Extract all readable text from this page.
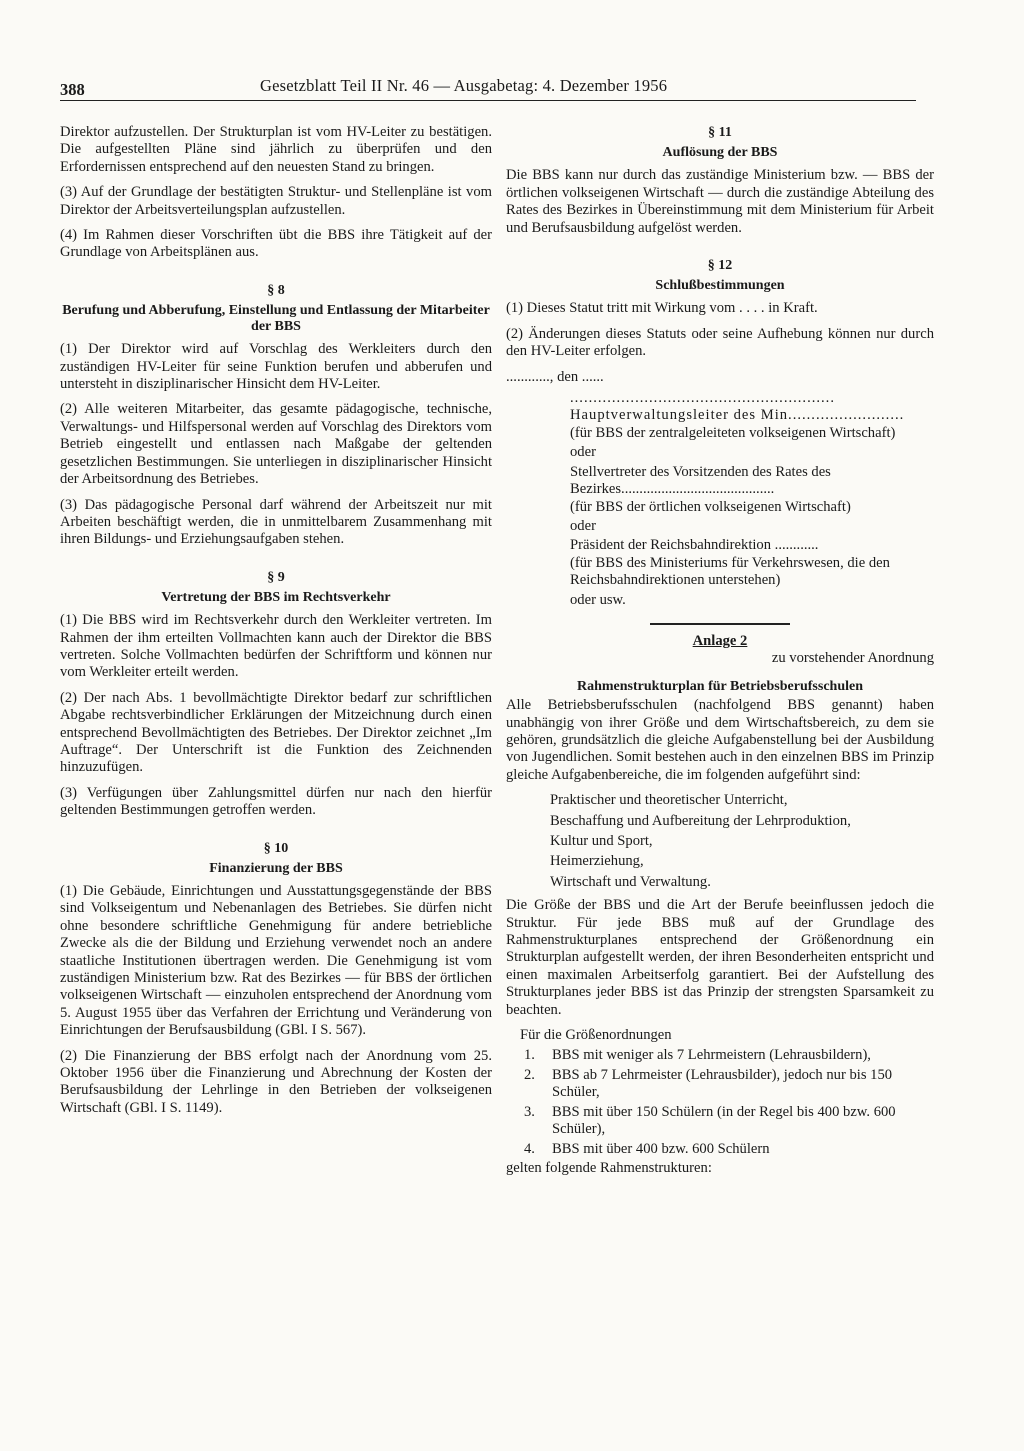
388	Gesetzblatt Teil II Nr. 46 — Ausgabetag: 4. Dezember 1956

Direktor aufzustellen. Der Strukturplan ist vom HV-Leiter zu bestätigen. Die aufgestellten Pläne sind jährlich zu überprüfen und den Erfordernissen entsprechend auf den neuesten Stand zu bringen.

(3) Auf der Grundlage der bestätigten Struktur- und Stellenpläne ist vom Direktor der Arbeitsverteilungsplan aufzustellen.

(4) Im Rahmen dieser Vorschriften übt die BBS ihre Tätigkeit auf der Grundlage von Arbeitsplänen aus.

§ 8
Berufung und Abberufung, Einstellung und Entlassung der Mitarbeiter der BBS

(1) Der Direktor wird auf Vorschlag des Werkleiters durch den zuständigen HV-Leiter für seine Funktion berufen und abberufen und untersteht in disziplinarischer Hinsicht dem HV-Leiter.

(2) Alle weiteren Mitarbeiter, das gesamte pädagogische, technische, Verwaltungs- und Hilfspersonal werden auf Vorschlag des Direktors vom Betrieb eingestellt und entlassen nach Maßgabe der geltenden gesetzlichen Bestimmungen. Sie unterliegen in disziplinarischer Hinsicht der Arbeitsordnung des Betriebes.

(3) Das pädagogische Personal darf während der Arbeitszeit nur mit Arbeiten beschäftigt werden, die in unmittelbarem Zusammenhang mit ihren Bildungs- und Erziehungsaufgaben stehen.

§ 9
Vertretung der BBS im Rechtsverkehr

(1) Die BBS wird im Rechtsverkehr durch den Werkleiter vertreten. Im Rahmen der ihm erteilten Vollmachten kann auch der Direktor die BBS vertreten. Solche Vollmachten bedürfen der Schriftform und können nur vom Werkleiter erteilt werden.

(2) Der nach Abs. 1 bevollmächtigte Direktor bedarf zur schriftlichen Abgabe rechtsverbindlicher Erklärungen der Mitzeichnung durch einen entsprechend Bevollmächtigten des Betriebes. Der Direktor zeichnet „Im Auftrage“. Der Unterschrift ist die Funktion des Zeichnenden hinzuzufügen.

(3) Verfügungen über Zahlungsmittel dürfen nur nach den hierfür geltenden Bestimmungen getroffen werden.

§ 10
Finanzierung der BBS

(1) Die Gebäude, Einrichtungen und Ausstattungsgegenstände der BBS sind Volkseigentum und Nebenanlagen des Betriebes. Sie dürfen nicht ohne besondere schriftliche Genehmigung für andere betriebliche Zwecke als die der Bildung und Erziehung verwendet noch an andere staatliche Institutionen übertragen werden. Die Genehmigung ist vom zuständigen Ministerium bzw. Rat des Bezirkes — für BBS der örtlichen volkseigenen Wirtschaft — einzuholen entsprechend der Anordnung vom 5. August 1955 über das Verfahren der Errichtung und Veränderung von Einrichtungen der Berufsausbildung (GBl. I S. 567).

(2) Die Finanzierung der BBS erfolgt nach der Anordnung vom 25. Oktober 1956 über die Finanzierung und Abrechnung der Kosten der Berufsausbildung der Lehrlinge in den Betrieben der volkseigenen Wirtschaft (GBl. I S. 1149).

§ 11
Auflösung der BBS

Die BBS kann nur durch das zuständige Ministerium bzw. — BBS der örtlichen volkseigenen Wirtschaft — durch die zuständige Abteilung des Rates des Bezirkes in Übereinstimmung mit dem Ministerium für Arbeit und Berufsausbildung aufgelöst werden.

§ 12
Schlußbestimmungen

(1) Dieses Statut tritt mit Wirkung vom . . . . in Kraft.

(2) Änderungen dieses Statuts oder seine Aufhebung können nur durch den HV-Leiter erfolgen.

............, den ......

.........................................................
Hauptverwaltungsleiter des Min.........................
(für BBS der zentralgeleiteten volkseigenen Wirtschaft)
oder
Stellvertreter des Vorsitzenden des Rates des Bezirkes..........................................
(für BBS der örtlichen volkseigenen Wirtschaft)
oder
Präsident der Reichsbahndirektion ............
(für BBS des Ministeriums für Verkehrswesen, die den Reichsbahndirektionen unterstehen)
oder usw.
Anlage 2
zu vorstehender Anordnung
Rahmenstrukturplan für Betriebsberufsschulen

Alle Betriebsberufsschulen (nachfolgend BBS genannt) haben unabhängig von ihrer Größe und dem Wirtschaftsbereich, zu dem sie gehören, grundsätzlich die gleiche Aufgabenstellung bei der Ausbildung von Jugendlichen. Somit bestehen auch in den einzelnen BBS im Prinzip gleiche Aufgabenbereiche, die im folgenden aufgeführt sind:

Praktischer und theoretischer Unterricht,
Beschaffung und Aufbereitung der Lehrproduktion,
Kultur und Sport,
Heimerziehung,
Wirtschaft und Verwaltung.

Die Größe der BBS und die Art der Berufe beeinflussen jedoch die Struktur. Für jede BBS muß auf der Grundlage des Rahmenstrukturplanes entsprechend der Größenordnung ein Strukturplan aufgestellt werden, der ihren Besonderheiten entspricht und einen maximalen Arbeitserfolg garantiert. Bei der Aufstellung des Strukturplanes jeder BBS ist das Prinzip der strengsten Sparsamkeit zu beachten.

Für die Größenordnungen

1. BBS mit weniger als 7 Lehrmeistern (Lehrausbildern),
2. BBS ab 7 Lehrmeister (Lehrausbilder), jedoch nur bis 150 Schüler,
3. BBS mit über 150 Schülern (in der Regel bis 400 bzw. 600 Schüler),
4. BBS mit über 400 bzw. 600 Schülern

gelten folgende Rahmenstrukturen:
